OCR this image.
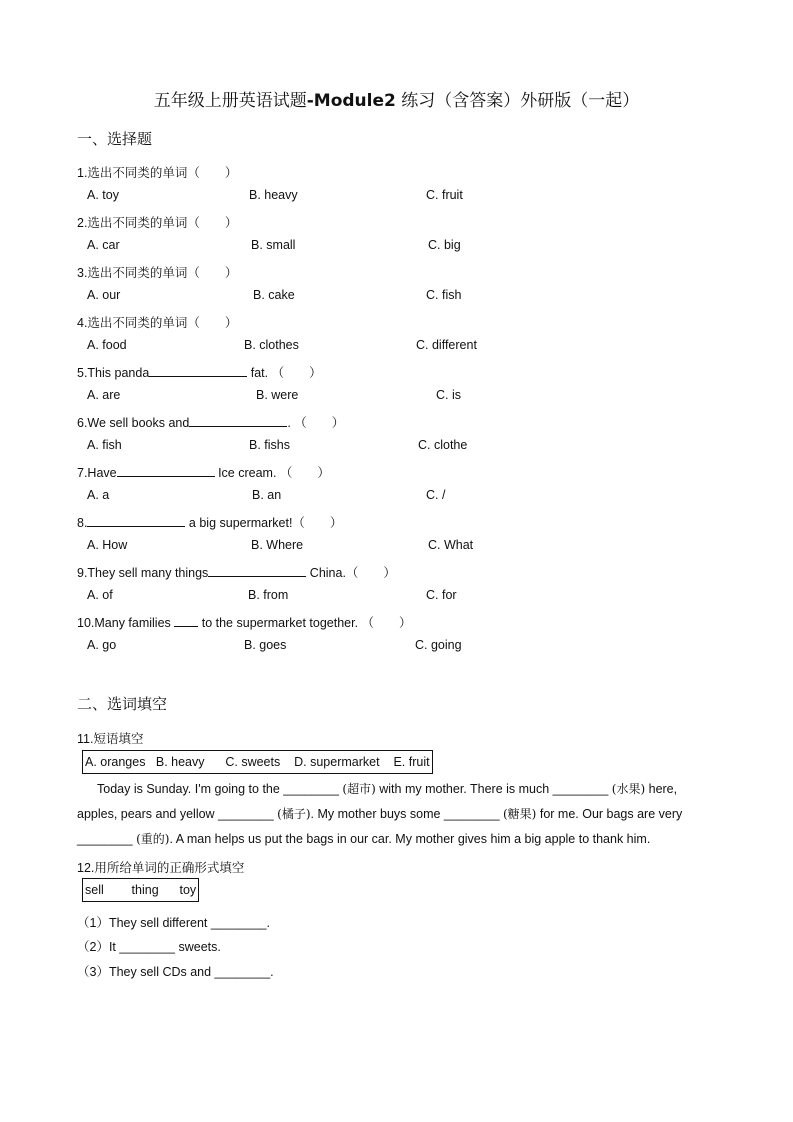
五年级上册英语试题-Module2 练习（含答案）外研版（一起）
一、选择题
1.选出不同类的单词（　　）
A. toy	B. heavy	C. fruit
2.选出不同类的单词（　　）
A. car	B. small	C. big
3.选出不同类的单词（　　）
A. our	B. cake	C. fish
4.选出不同类的单词（　　）
A. food	B. clothes	C. different
5.This panda	fat. （　　）
A. are	B. were	C. is
6.We sell books and	. （　　）
A. fish	B. fishs	C. clothe
7.Have	Ice cream. （　　）
A. a	B. an	C. /
8.	a big supermarket!（　　）
A. How	B. Where	C. What
9.They sell many things	China.（　　）
A. of	B. from	C. for
10.Many families  to the supermarket together. （　　）
A. go	B. goes	C. going
二、选词填空
11.短语填空
A. oranges   B. heavy      C. sweets    D. supermarket    E. fruit
Today is Sunday. I'm going to the ________ (超市) with my mother. There is much ________ (水果) here, apples, pears and yellow ________ (橘子). My mother buys some ________ (糖果) for me. Our bags are very ________ (重的). A man helps us put the bags in our car. My mother gives him a big apple to thank him.
12.用所给单词的正确形式填空
sell        thing      toy
（1）They sell different ________.
（2）It ________ sweets.
（3）They sell CDs and ________.
